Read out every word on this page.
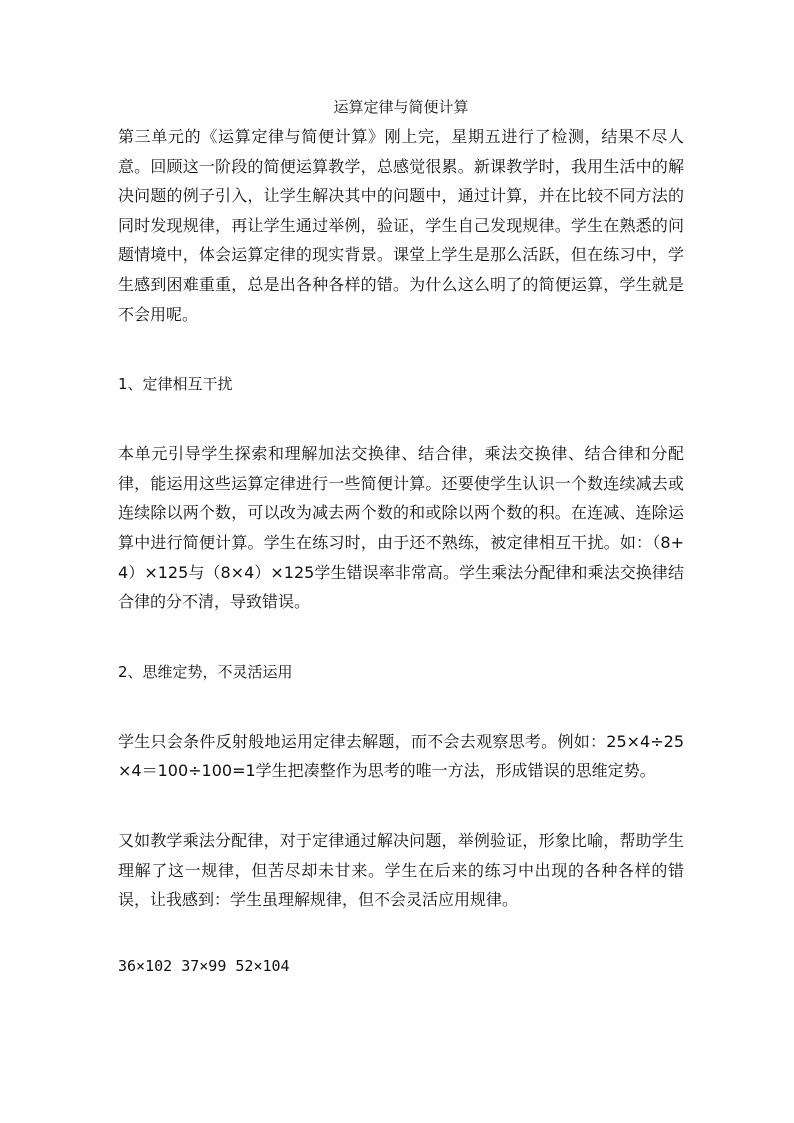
运算定律与简便计算

第三单元的《运算定律与简便计算》刚上完，星期五进行了检测，结果不尽人意。回顾这一阶段的简便运算教学，总感觉很累。新课教学时，我用生活中的解决问题的例子引入，让学生解决其中的问题中，通过计算，并在比较不同方法的同时发现规律，再让学生通过举例，验证，学生自己发现规律。学生在熟悉的问题情境中，体会运算定律的现实背景。课堂上学生是那么活跃，但在练习中，学生感到困难重重，总是出各种各样的错。为什么这么明了的简便运算，学生就是不会用呢。

1、定律相互干扰

本单元引导学生探索和理解加法交换律、结合律，乘法交换律、结合律和分配律，能运用这些运算定律进行一些简便计算。还要使学生认识一个数连续减去或连续除以两个数，可以改为减去两个数的和或除以两个数的积。在连减、连除运算中进行简便计算。学生在练习时，由于还不熟练，被定律相互干扰。如：（8+4）×125与（8×4）×125学生错误率非常高。学生乘法分配律和乘法交换律结合律的分不清，导致错误。

2、思维定势，不灵活运用

学生只会条件反射般地运用定律去解题，而不会去观察思考。例如：25×4÷25×4＝100÷100=1学生把凑整作为思考的唯一方法，形成错误的思维定势。

又如教学乘法分配律，对于定律通过解决问题，举例验证，形象比喻，帮助学生理解了这一规律，但苦尽却未甘来。学生在后来的练习中出现的各种各样的错误，让我感到：学生虽理解规律，但不会灵活应用规律。

36×102 37×99 52×104
